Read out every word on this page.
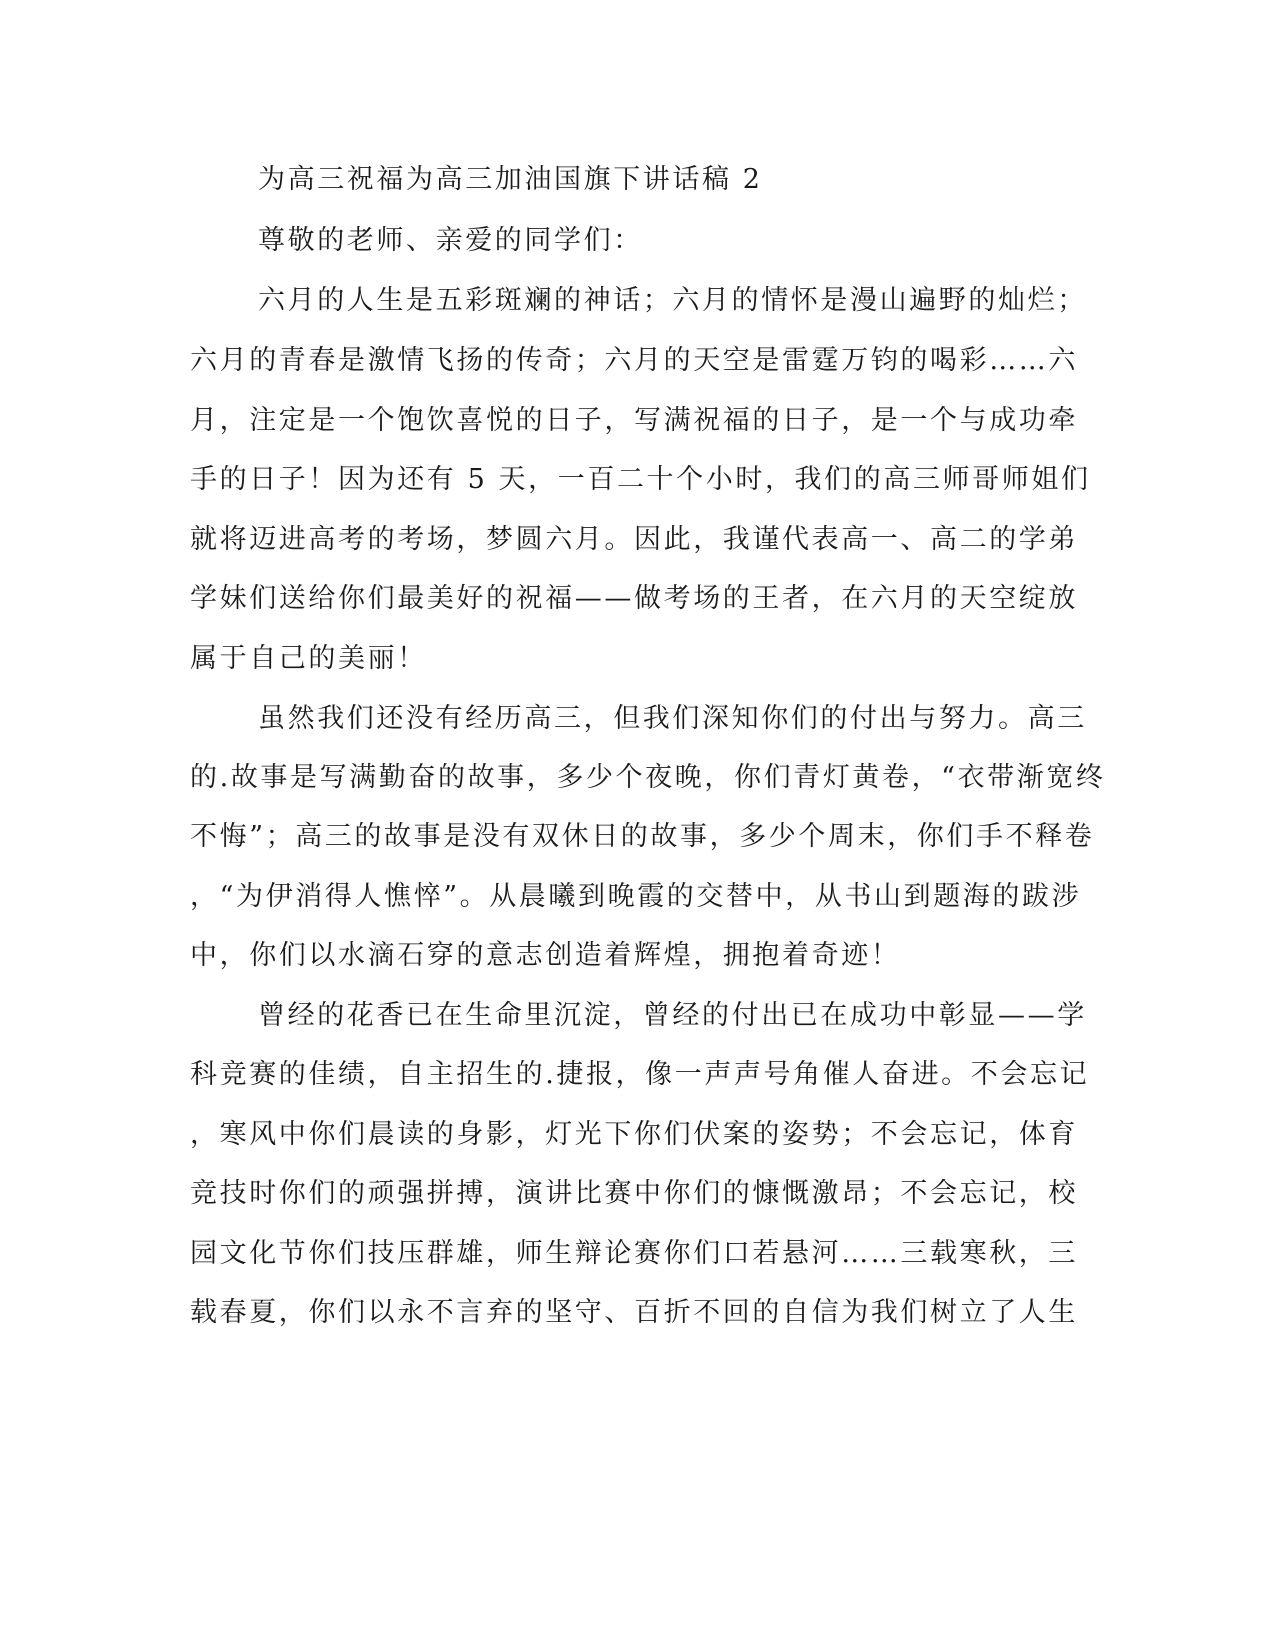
为高三祝福为高三加油国旗下讲话稿 2
尊敬的老师、亲爱的同学们：
六月的人生是五彩斑斓的神话；六月的情怀是漫山遍野的灿烂；
六月的青春是激情飞扬的传奇；六月的天空是雷霆万钧的喝彩……六
月，注定是一个饱饮喜悦的日子，写满祝福的日子，是一个与成功牵
手的日子！因为还有 5 天，一百二十个小时，我们的高三师哥师姐们
就将迈进高考的考场，梦圆六月。因此，我谨代表高一、高二的学弟
学妹们送给你们最美好的祝福——做考场的王者，在六月的天空绽放
属于自己的美丽！
虽然我们还没有经历高三，但我们深知你们的付出与努力。高三
的.故事是写满勤奋的故事，多少个夜晚，你们青灯黄卷，“衣带渐宽终
不悔”；高三的故事是没有双休日的故事，多少个周末，你们手不释卷
，“为伊消得人憔悴”。从晨曦到晚霞的交替中，从书山到题海的跋涉
中，你们以水滴石穿的意志创造着辉煌，拥抱着奇迹！
曾经的花香已在生命里沉淀，曾经的付出已在成功中彰显——学
科竞赛的佳绩，自主招生的.捷报，像一声声号角催人奋进。不会忘记
，寒风中你们晨读的身影，灯光下你们伏案的姿势；不会忘记，体育
竞技时你们的顽强拼搏，演讲比赛中你们的慷慨激昂；不会忘记，校
园文化节你们技压群雄，师生辩论赛你们口若悬河……三载寒秋，三
载春夏，你们以永不言弃的坚守、百折不回的自信为我们树立了人生
